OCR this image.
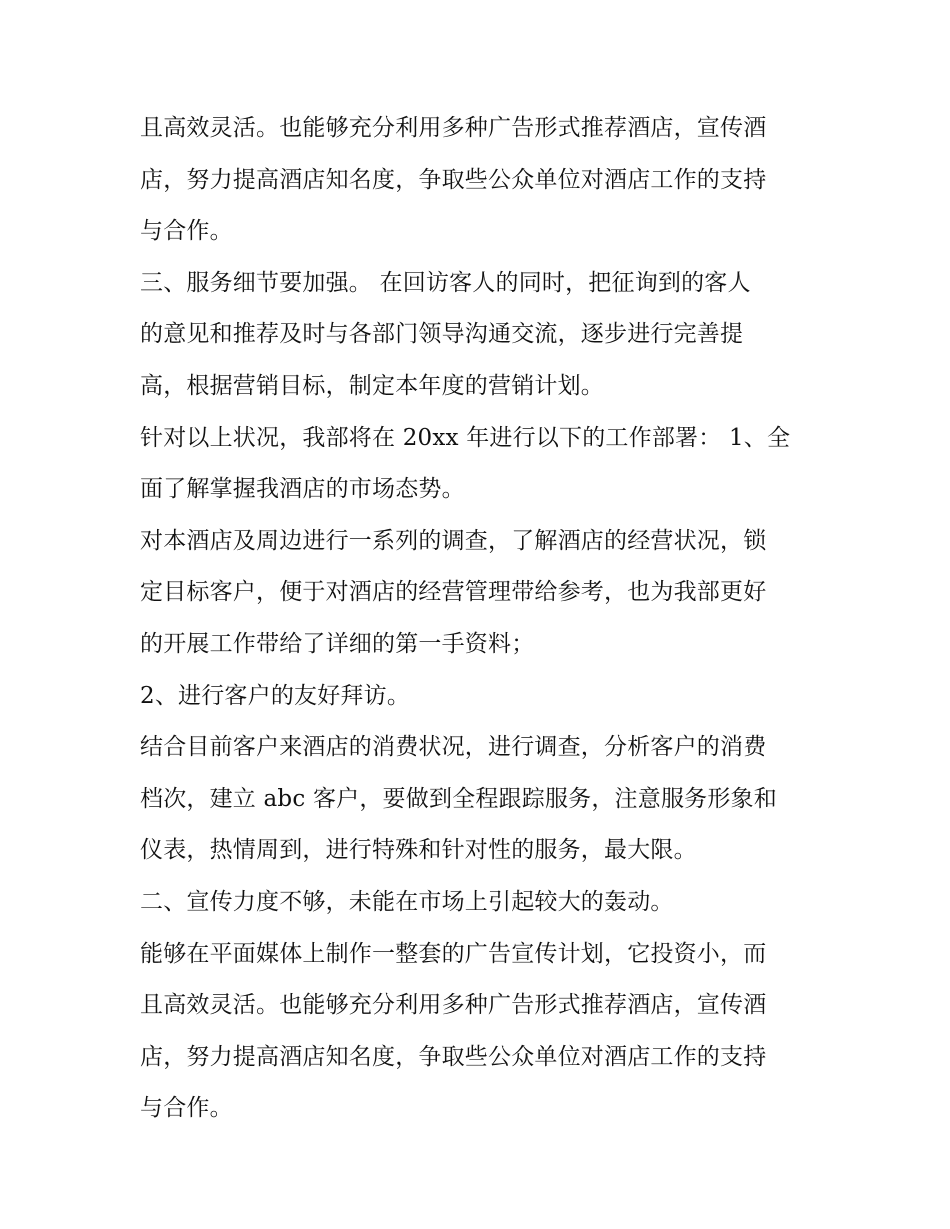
且高效灵活。也能够充分利用多种广告形式推荐酒店，宣传酒
店，努力提高酒店知名度，争取些公众单位对酒店工作的支持
与合作。
三、服务细节要加强。 在回访客人的同时，把征询到的客人
的意见和推荐及时与各部门领导沟通交流，逐步进行完善提
高，根据营销目标，制定本年度的营销计划。
针对以上状况，我部将在 20xx 年进行以下的工作部署： 1、全
面了解掌握我酒店的市场态势。
对本酒店及周边进行一系列的调查，了解酒店的经营状况，锁
定目标客户，便于对酒店的经营管理带给参考，也为我部更好
的开展工作带给了详细的第一手资料；
2、进行客户的友好拜访。
结合目前客户来酒店的消费状况，进行调查，分析客户的消费
档次，建立 abc 客户，要做到全程跟踪服务，注意服务形象和
仪表，热情周到，进行特殊和针对性的服务，最大限。
二、宣传力度不够，未能在市场上引起较大的轰动。
能够在平面媒体上制作一整套的广告宣传计划，它投资小，而
且高效灵活。也能够充分利用多种广告形式推荐酒店，宣传酒
店，努力提高酒店知名度，争取些公众单位对酒店工作的支持
与合作。
